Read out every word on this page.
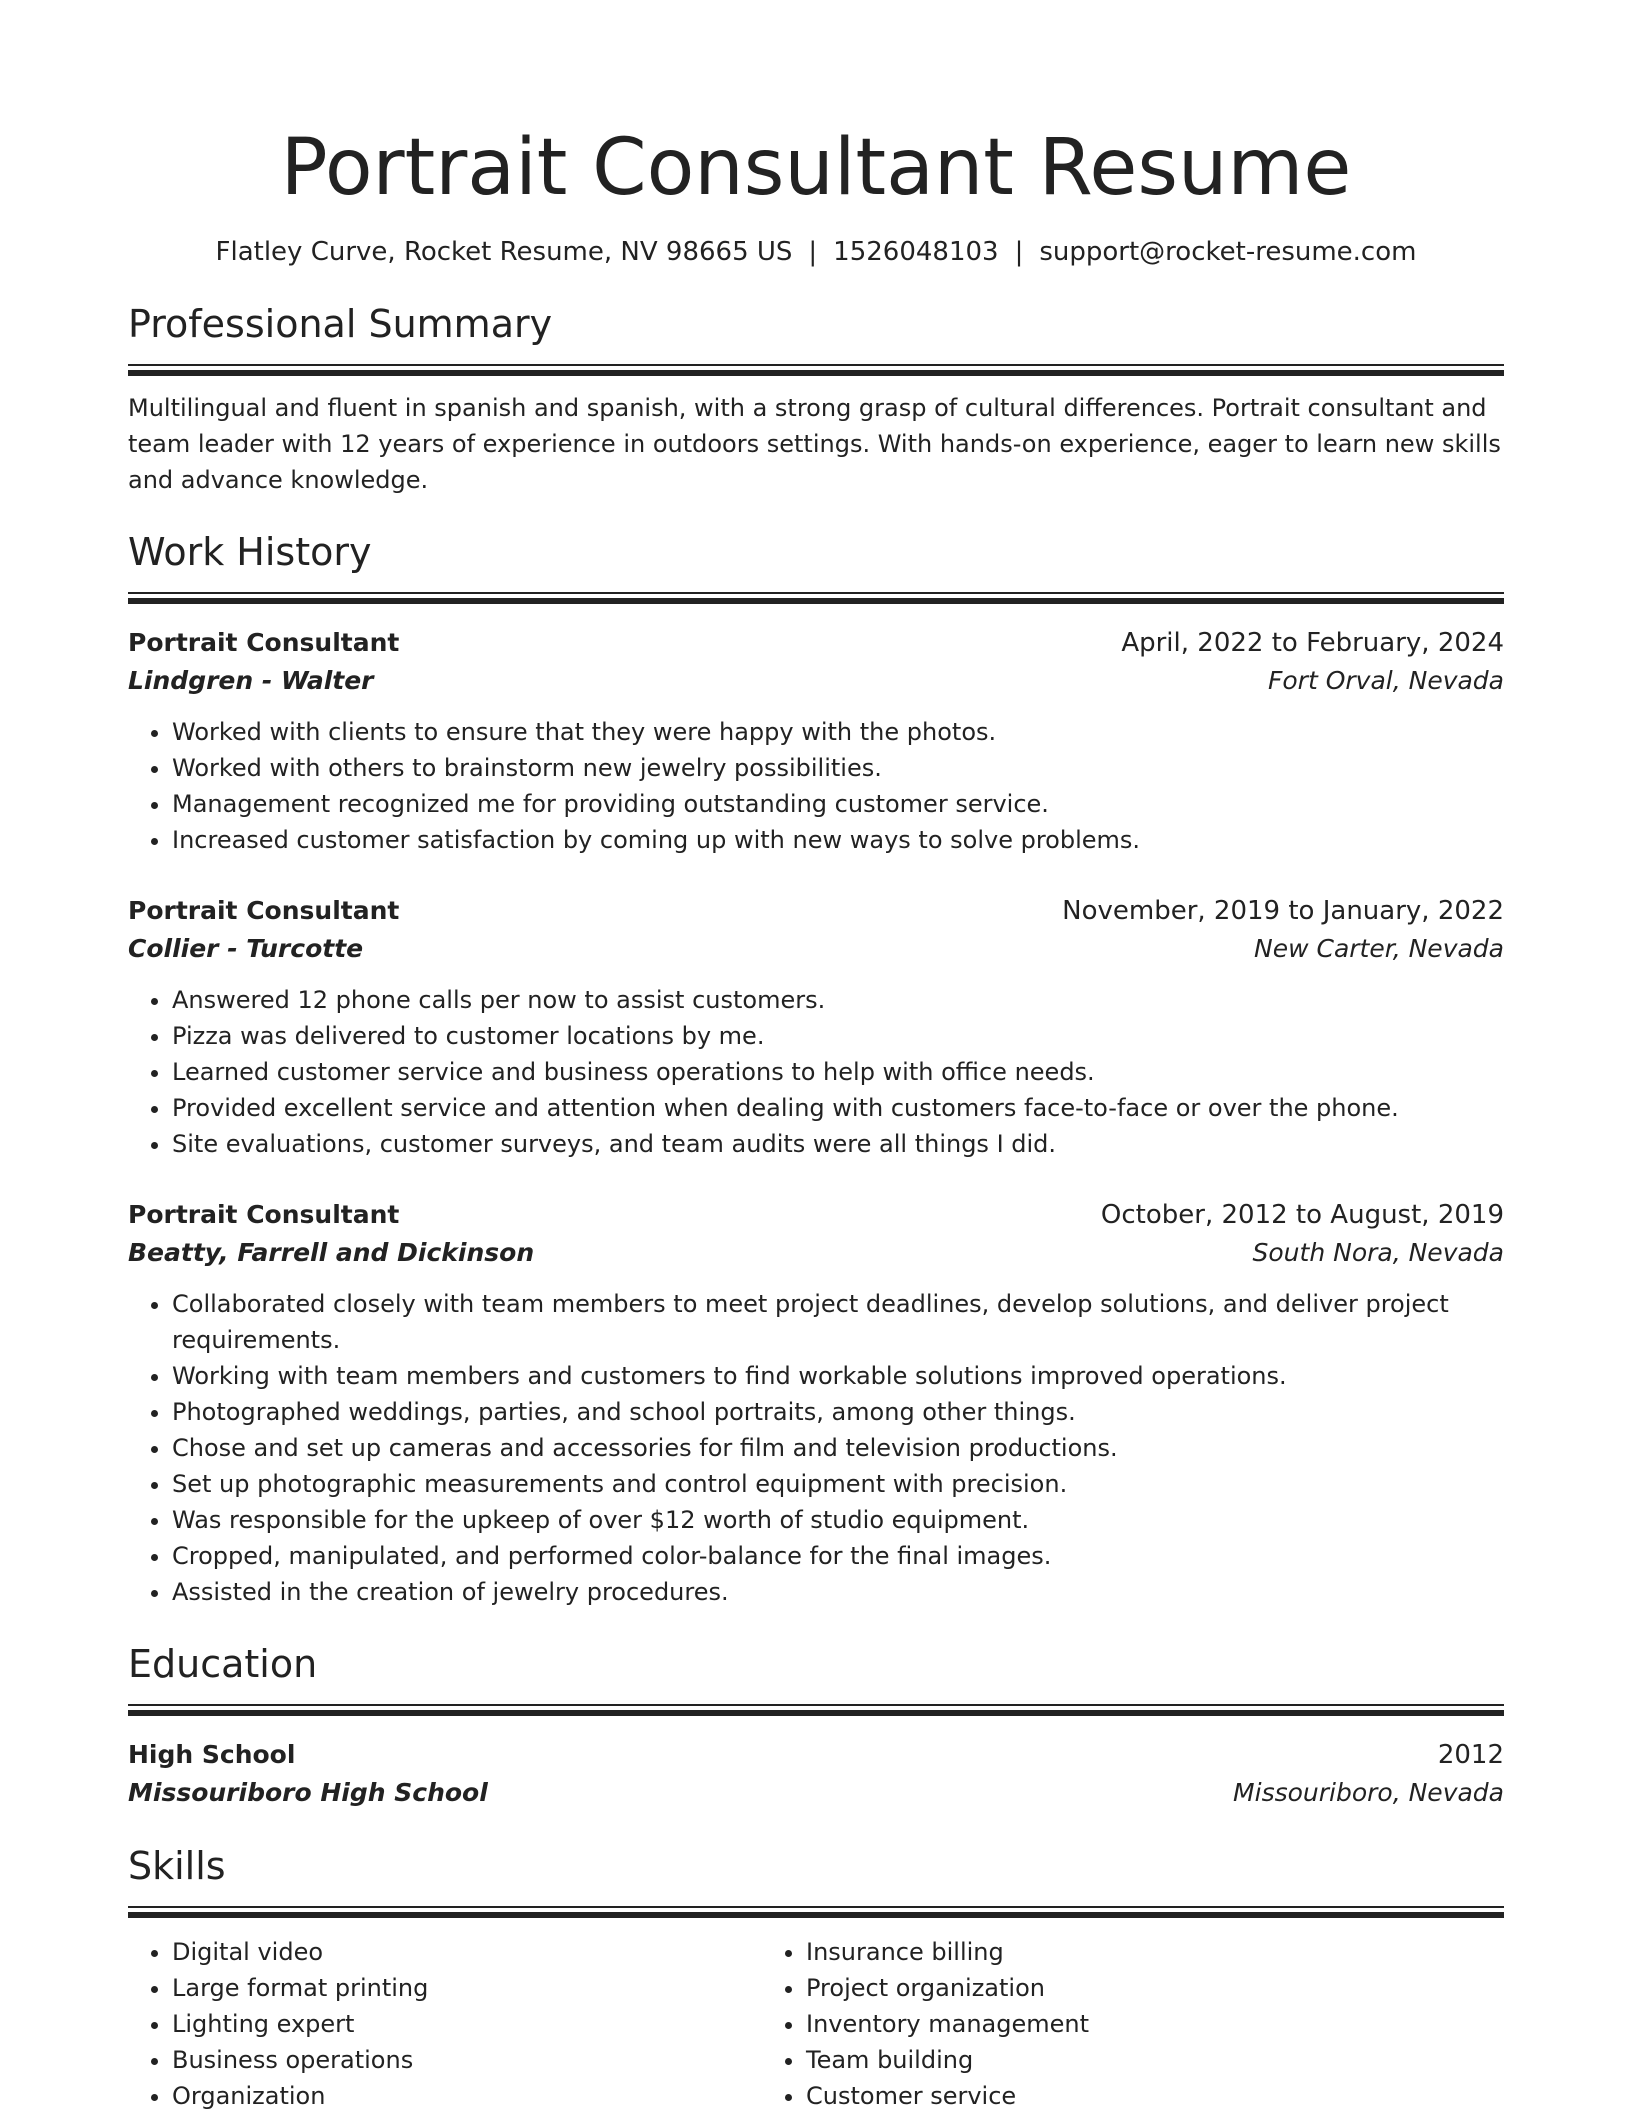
Portrait Consultant Resume
Flatley Curve, Rocket Resume, NV 98665 US | 1526048103 | support@rocket-resume.com
Professional Summary
Multilingual and fluent in spanish and spanish, with a strong grasp of cultural differences. Portrait consultant and team leader with 12 years of experience in outdoors settings. With hands-on experience, eager to learn new skills and advance knowledge.
Work History
Portrait Consultant	April, 2022 to February, 2024
Lindgren - Walter	Fort Orval, Nevada
• Worked with clients to ensure that they were happy with the photos.
• Worked with others to brainstorm new jewelry possibilities.
• Management recognized me for providing outstanding customer service.
• Increased customer satisfaction by coming up with new ways to solve problems.
Portrait Consultant	November, 2019 to January, 2022
Collier - Turcotte	New Carter, Nevada
• Answered 12 phone calls per now to assist customers.
• Pizza was delivered to customer locations by me.
• Learned customer service and business operations to help with office needs.
• Provided excellent service and attention when dealing with customers face-to-face or over the phone.
• Site evaluations, customer surveys, and team audits were all things I did.
Portrait Consultant	October, 2012 to August, 2019
Beatty, Farrell and Dickinson	South Nora, Nevada
• Collaborated closely with team members to meet project deadlines, develop solutions, and deliver project requirements.
• Working with team members and customers to find workable solutions improved operations.
• Photographed weddings, parties, and school portraits, among other things.
• Chose and set up cameras and accessories for film and television productions.
• Set up photographic measurements and control equipment with precision.
• Was responsible for the upkeep of over $12 worth of studio equipment.
• Cropped, manipulated, and performed color-balance for the final images.
• Assisted in the creation of jewelry procedures.
Education
High School	2012
Missouriboro High School	Missouriboro, Nevada
Skills
• Digital video
• Large format printing
• Lighting expert
• Business operations
• Organization
• Insurance billing
• Project organization
• Inventory management
• Team building
• Customer service
